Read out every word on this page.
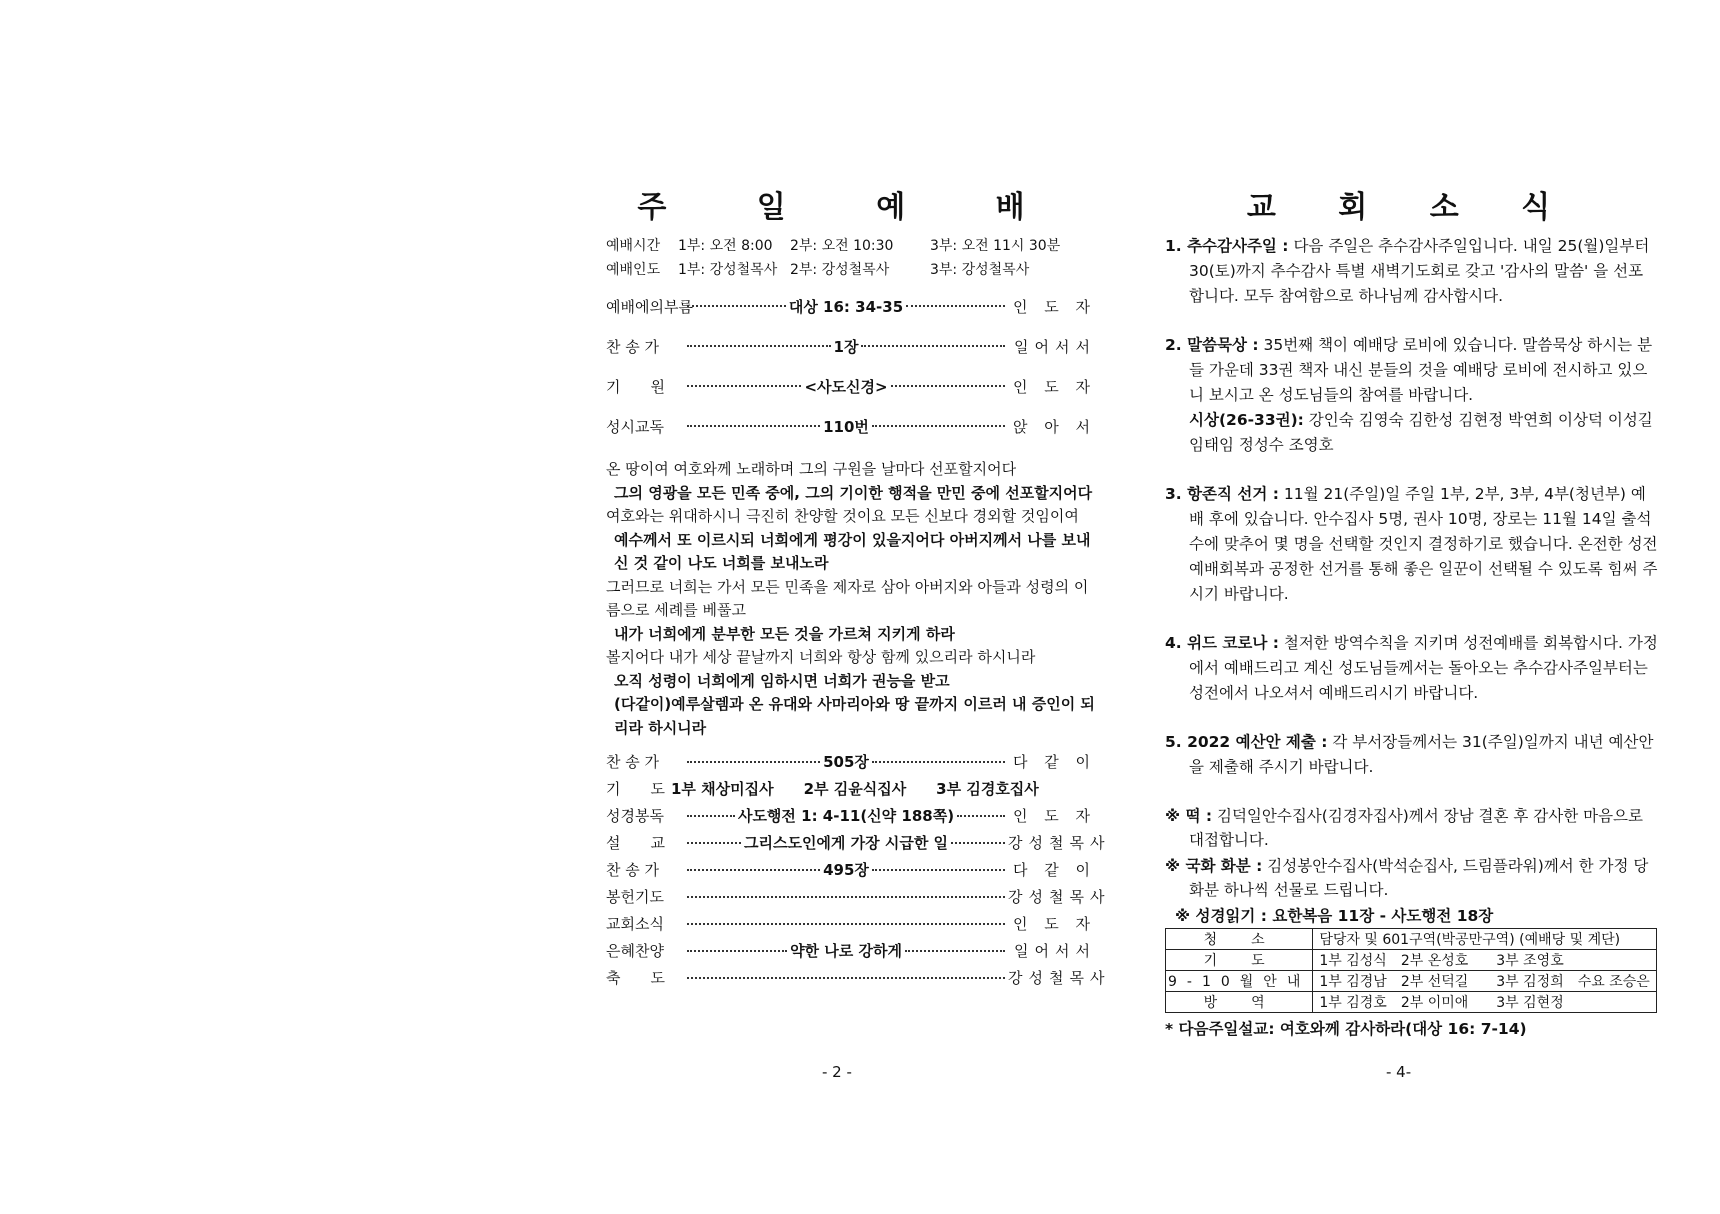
주 일 예 배
예배시간	1부: 오전 8:00	2부: 오전 10:30	3부: 오전 11시 30분
예배인도	1부: 강성철목사 2부: 강성철목사	3부: 강성철목사
예배에의부름	대상 16: 34-35	인 도 자
찬 송 가	1장	일어서서
기　　원	<사도신경>	인 도 자
성시교독	110번	앉 아 서
온 땅이여 여호와께 노래하며 그의 구원을 날마다 선포할지어다
그의 영광을 모든 민족 중에, 그의 기이한 행적을 만민 중에 선포할지어다
여호와는 위대하시니 극진히 찬양할 것이요 모든 신보다 경외할 것임이여
예수께서 또 이르시되 너희에게 평강이 있을지어다 아버지께서 나를 보내신 것 같이 나도 너희를 보내노라
그러므로 너희는 가서 모든 민족을 제자로 삼아 아버지와 아들과 성령의 이름으로 세례를 베풀고
내가 너희에게 분부한 모든 것을 가르쳐 지키게 하라
볼지어다 내가 세상 끝날까지 너희와 항상 함께 있으리라 하시니라
오직 성령이 너희에게 임하시면 너희가 권능을 받고
(다같이)예루살렘과 온 유대와 사마리아와 땅 끝까지 이르러 내 증인이 되리라 하시니라
찬 송 가	505장	다 같 이
기　　도 1부 채상미집사　　2부 김윤식집사　　3부 김경호집사
성경봉독	사도행전 1: 4-11(신약 188쪽)	인 도 자
설　　교	그리스도인에게 가장 시급한 일	강성철목사
찬 송 가	495장	다 같 이
봉헌기도	강성철목사
교회소식	인 도 자
은혜찬양	약한 나로 강하게	일어서서
축　　도	강성철목사
- 2 -
교 회 소 식
1. 추수감사주일 : 다음 주일은 추수감사주일입니다. 내일 25(월)일부터 30(토)까지 추수감사 특별 새벽기도회로 갖고 '감사의 말씀' 을 선포합니다. 모두 참여함으로 하나님께 감사합시다.
2. 말씀묵상 : 35번째 책이 예배당 로비에 있습니다. 말씀묵상 하시는 분들 가운데 33권 책자 내신 분들의 것을 예배당 로비에 전시하고 있으니 보시고 온 성도님들의 참여를 바랍니다.
시상(26-33권): 강인숙 김영숙 김한성 김현정 박연희 이상덕 이성길 임태임 정성수 조영호
3. 항존직 선거 : 11월 21(주일)일 주일 1부, 2부, 3부, 4부(청년부) 예배 후에 있습니다. 안수집사 5명, 권사 10명, 장로는 11월 14일 출석수에 맞추어 몇 명을 선택할 것인지 결정하기로 했습니다. 온전한 성전예배회복과 공정한 선거를 통해 좋은 일꾼이 선택될 수 있도록 힘써 주시기 바랍니다.
4. 위드 코로나 : 철저한 방역수칙을 지키며 성전예배를 회복합시다. 가정에서 예배드리고 계신 성도님들께서는 돌아오는 추수감사주일부터는 성전에서 나오셔서 예배드리시기 바랍니다.
5. 2022 예산안 제출 : 각 부서장들께서는 31(주일)일까지 내년 예산안을 제출해 주시기 바랍니다.
※ 떡 : 김덕일안수집사(김경자집사)께서 장남 결혼 후 감사한 마음으로 대접합니다.
※ 국화 화분 : 김성봉안수집사(박석순집사, 드림플라워)께서 한 가정 당 화분 하나씩 선물로 드립니다.
※ 성경읽기 : 요한복음 11장 - 사도행전 18장
청　소	담당자 및 601구역(박공만구역) (예배당 및 계단)
기　도	1부 김성식　2부 온성호　　3부 조영호
9-10월안내	1부 김경남　2부 선덕길　　3부 김정희　수요 조승은
방　역	1부 김경호　2부 이미애　　3부 김현정
* 다음주일설교: 여호와께 감사하라(대상 16: 7-14)
- 4-
